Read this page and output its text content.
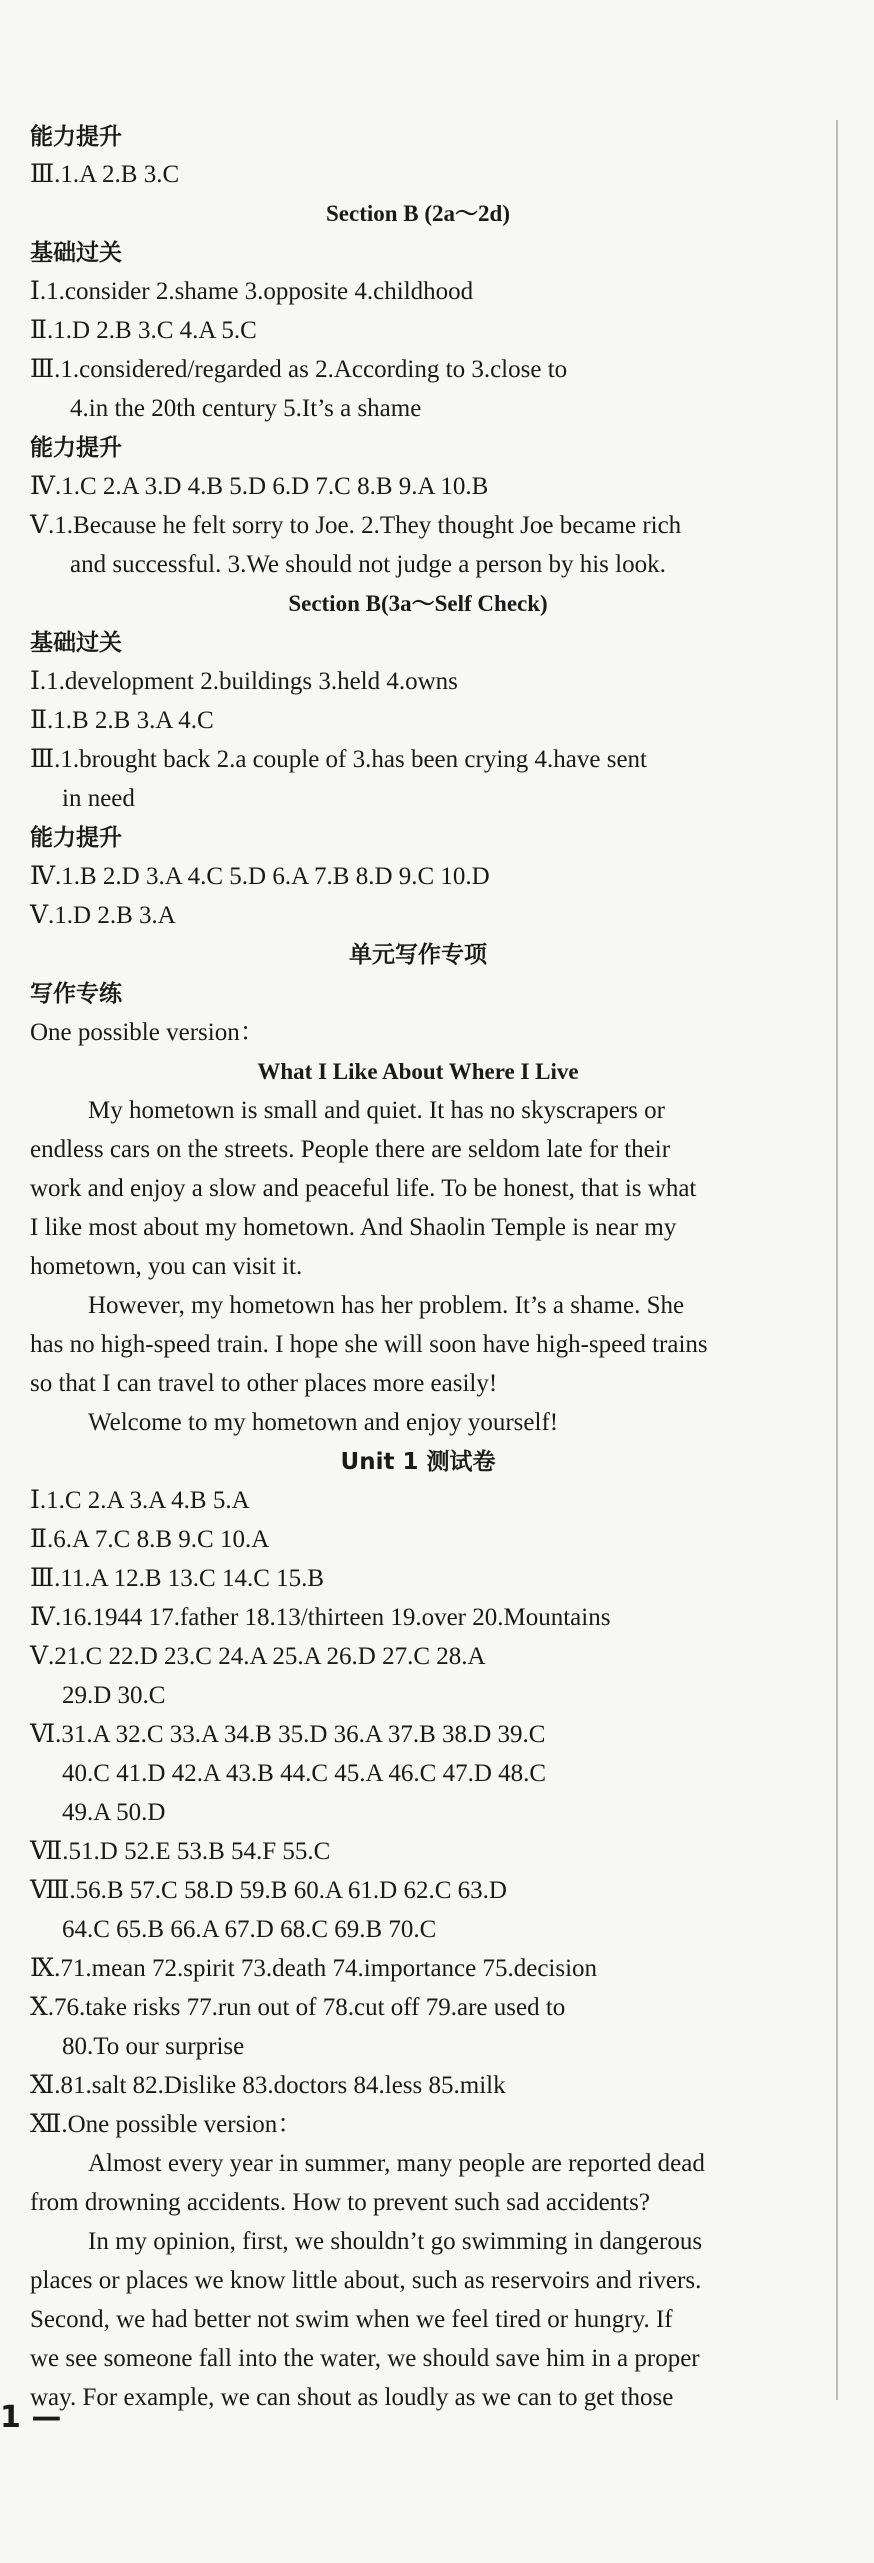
能力提升
Ⅲ.1.A 2.B 3.C
Section B (2a～2d)
基础过关
Ⅰ.1.consider 2.shame 3.opposite 4.childhood
Ⅱ.1.D 2.B 3.C 4.A 5.C
Ⅲ.1.considered/regarded as 2.According to 3.close to
4.in the 20th century 5.It’s a shame
能力提升
Ⅳ.1.C 2.A 3.D 4.B 5.D 6.D 7.C 8.B 9.A 10.B
Ⅴ.1.Because he felt sorry to Joe. 2.They thought Joe became rich
and successful. 3.We should not judge a person by his look.
Section B(3a～Self Check)
基础过关
Ⅰ.1.development 2.buildings 3.held 4.owns
Ⅱ.1.B 2.B 3.A 4.C
Ⅲ.1.brought back 2.a couple of 3.has been crying 4.have sent
in need
能力提升
Ⅳ.1.B 2.D 3.A 4.C 5.D 6.A 7.B 8.D 9.C 10.D
Ⅴ.1.D 2.B 3.A
单元写作专项
写作专练
One possible version：
What I Like About Where I Live
My hometown is small and quiet. It has no skyscrapers or
endless cars on the streets. People there are seldom late for their
work and enjoy a slow and peaceful life. To be honest, that is what
I like most about my hometown. And Shaolin Temple is near my
hometown, you can visit it.
However, my hometown has her problem. It’s a shame. She
has no high-speed train. I hope she will soon have high-speed trains
so that I can travel to other places more easily!
Welcome to my hometown and enjoy yourself!
Unit 1 测试卷
Ⅰ.1.C 2.A 3.A 4.B 5.A
Ⅱ.6.A 7.C 8.B 9.C 10.A
Ⅲ.11.A 12.B 13.C 14.C 15.B
Ⅳ.16.1944 17.father 18.13/thirteen 19.over 20.Mountains
Ⅴ.21.C 22.D 23.C 24.A 25.A 26.D 27.C 28.A
29.D 30.C
Ⅵ.31.A 32.C 33.A 34.B 35.D 36.A 37.B 38.D 39.C
40.C 41.D 42.A 43.B 44.C 45.A 46.C 47.D 48.C
49.A 50.D
Ⅶ.51.D 52.E 53.B 54.F 55.C
Ⅷ.56.B 57.C 58.D 59.B 60.A 61.D 62.C 63.D
64.C 65.B 66.A 67.D 68.C 69.B 70.C
Ⅸ.71.mean 72.spirit 73.death 74.importance 75.decision
Ⅹ.76.take risks 77.run out of 78.cut off 79.are used to
80.To our surprise
Ⅺ.81.salt 82.Dislike 83.doctors 84.less 85.milk
Ⅻ.One possible version：
Almost every year in summer, many people are reported dead
from drowning accidents. How to prevent such sad accidents?
In my opinion, first, we shouldn’t go swimming in dangerous
places or places we know little about, such as reservoirs and rivers.
Second, we had better not swim when we feel tired or hungry. If
we see someone fall into the water, we should save him in a proper
way. For example, we can shout as loudly as we can to get those
1 —
